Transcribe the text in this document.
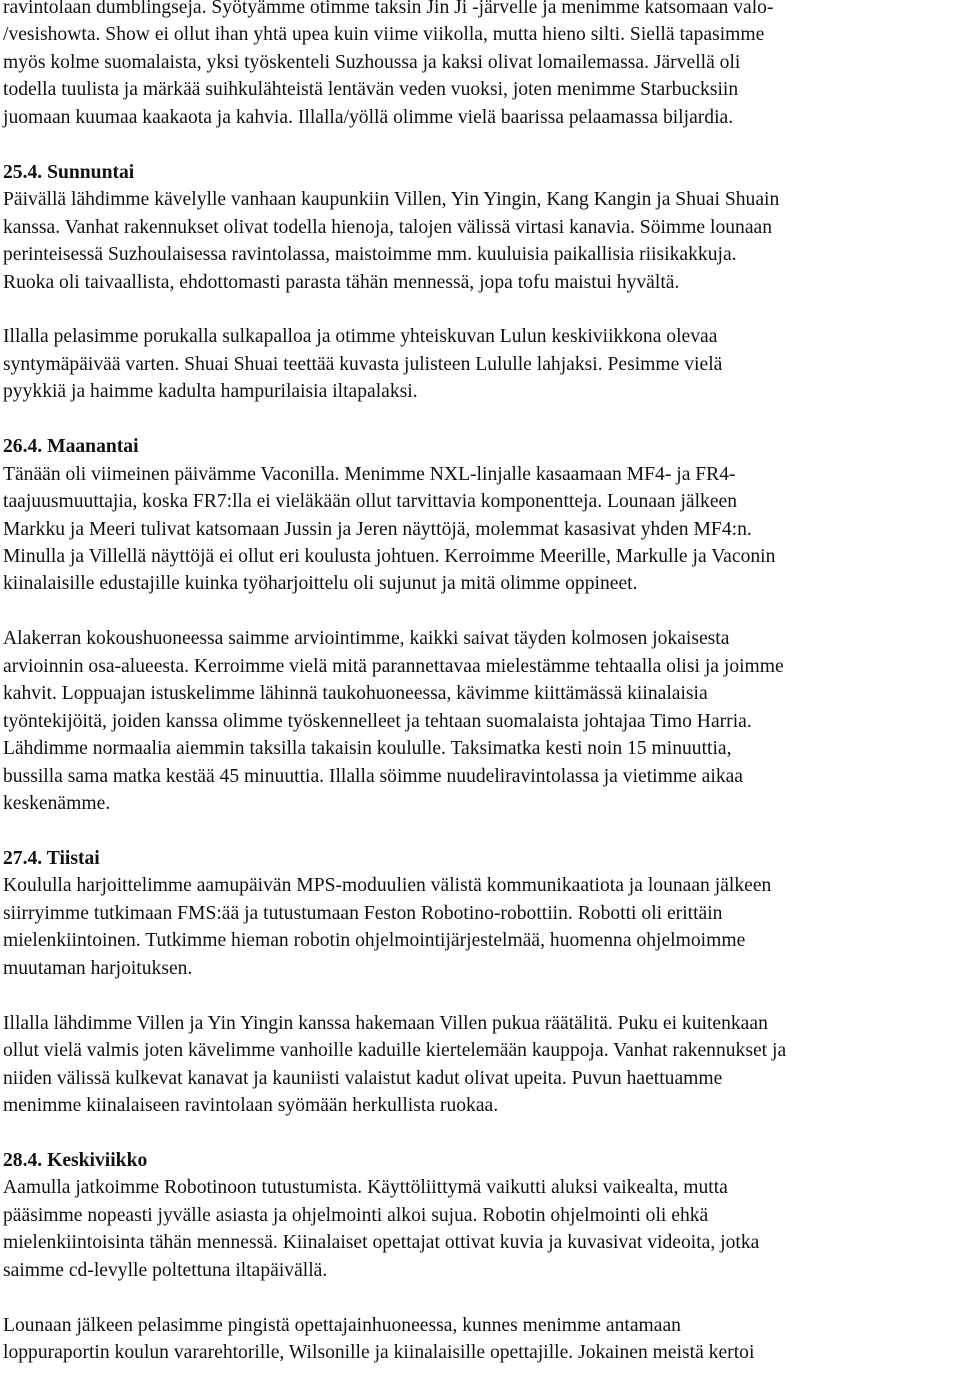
ravintolaan dumblingseja. Syötyämme otimme taksin Jin Ji -järvelle ja menimme katsomaan valo-
/vesishowta. Show ei ollut ihan yhtä upea kuin viime viikolla, mutta hieno silti. Siellä tapasimme
myös kolme suomalaista, yksi työskenteli Suzhoussa ja kaksi olivat lomailemassa. Järvellä oli
todella tuulista ja märkää suihkulähteistä lentävän veden vuoksi, joten menimme Starbucksiin
juomaan kuumaa kaakaota ja kahvia. Illalla/yöllä olimme vielä baarissa pelaamassa biljardia.

25.4. Sunnuntai
Päivällä lähdimme kävelylle vanhaan kaupunkiin Villen, Yin Yingin, Kang Kangin ja Shuai Shuain
kanssa. Vanhat rakennukset olivat todella hienoja, talojen välissä virtasi kanavia. Söimme lounaan
perinteisessä Suzhoulaisessa ravintolassa, maistoimme mm. kuuluisia paikallisia riisikakkuja.
Ruoka oli taivaallista, ehdottomasti parasta tähän mennessä, jopa tofu maistui hyvältä.

Illalla pelasimme porukalla sulkapalloa ja otimme yhteiskuvan Lulun keskiviikkona olevaa
syntymäpäivää varten. Shuai Shuai teettää kuvasta julisteen Lululle lahjaksi. Pesimme vielä
pyykkiä ja haimme kadulta hampurilaisia iltapalaksi.

26.4. Maanantai
Tänään oli viimeinen päivämme Vaconilla. Menimme NXL-linjalle kasaamaan MF4- ja FR4-
taajuusmuuttajia, koska FR7:lla ei vieläkään ollut tarvittavia komponentteja. Lounaan jälkeen
Markku ja Meeri tulivat katsomaan Jussin ja Jeren näyttöjä, molemmat kasasivat yhden MF4:n.
Minulla ja Villellä näyttöjä ei ollut eri koulusta johtuen. Kerroimme Meerille, Markulle ja Vaconin
kiinalaisille edustajille kuinka työharjoittelu oli sujunut ja mitä olimme oppineet.

Alakerran kokoushuoneessa saimme arviointimme, kaikki saivat täyden kolmosen jokaisesta
arvioinnin osa-alueesta. Kerroimme vielä mitä parannettavaa mielestämme tehtaalla olisi ja joimme
kahvit. Loppuajan istuskelimme lähinnä taukohuoneessa, kävimme kiittämässä kiinalaisia
työntekijöitä, joiden kanssa olimme työskennelleet ja tehtaan suomalaista johtajaa Timo Harria.
Lähdimme normaalia aiemmin taksilla takaisin koululle. Taksimatka kesti noin 15 minuuttia,
bussilla sama matka kestää 45 minuuttia. Illalla söimme nuudeliravintolassa ja vietimme aikaa
keskenämme.

27.4. Tiistai
Koululla harjoittelimme aamupäivän MPS-moduulien välistä kommunikaatiota ja lounaan jälkeen
siirryimme tutkimaan FMS:ää ja tutustumaan Feston Robotino-robottiin. Robotti oli erittäin
mielenkiintoinen. Tutkimme hieman robotin ohjelmointijärjestelmää, huomenna ohjelmoimme
muutaman harjoituksen.

Illalla lähdimme Villen ja Yin Yingin kanssa hakemaan Villen pukua räätälitä. Puku ei kuitenkaan
ollut vielä valmis joten kävelimme vanhoille kaduille kiertelemään kauppoja. Vanhat rakennukset ja
niiden välissä kulkevat kanavat ja kauniisti valaistut kadut olivat upeita. Puvun haettuamme
menimme kiinalaiseen ravintolaan syömään herkullista ruokaa.

28.4. Keskiviikko
Aamulla jatkoimme Robotinoon tutustumista. Käyttöliittymä vaikutti aluksi vaikealta, mutta
pääsimme nopeasti jyvälle asiasta ja ohjelmointi alkoi sujua. Robotin ohjelmointi oli ehkä
mielenkiintoisinta tähän mennessä. Kiinalaiset opettajat ottivat kuvia ja kuvasivat videoita, jotka
saimme cd-levylle poltettuna iltapäivällä.

Lounaan jälkeen pelasimme pingistä opettajainhuoneessa, kunnes menimme antamaan
loppuraportin koulun vararehtorille, Wilsonille ja kiinalaisille opettajille. Jokainen meistä kertoi
